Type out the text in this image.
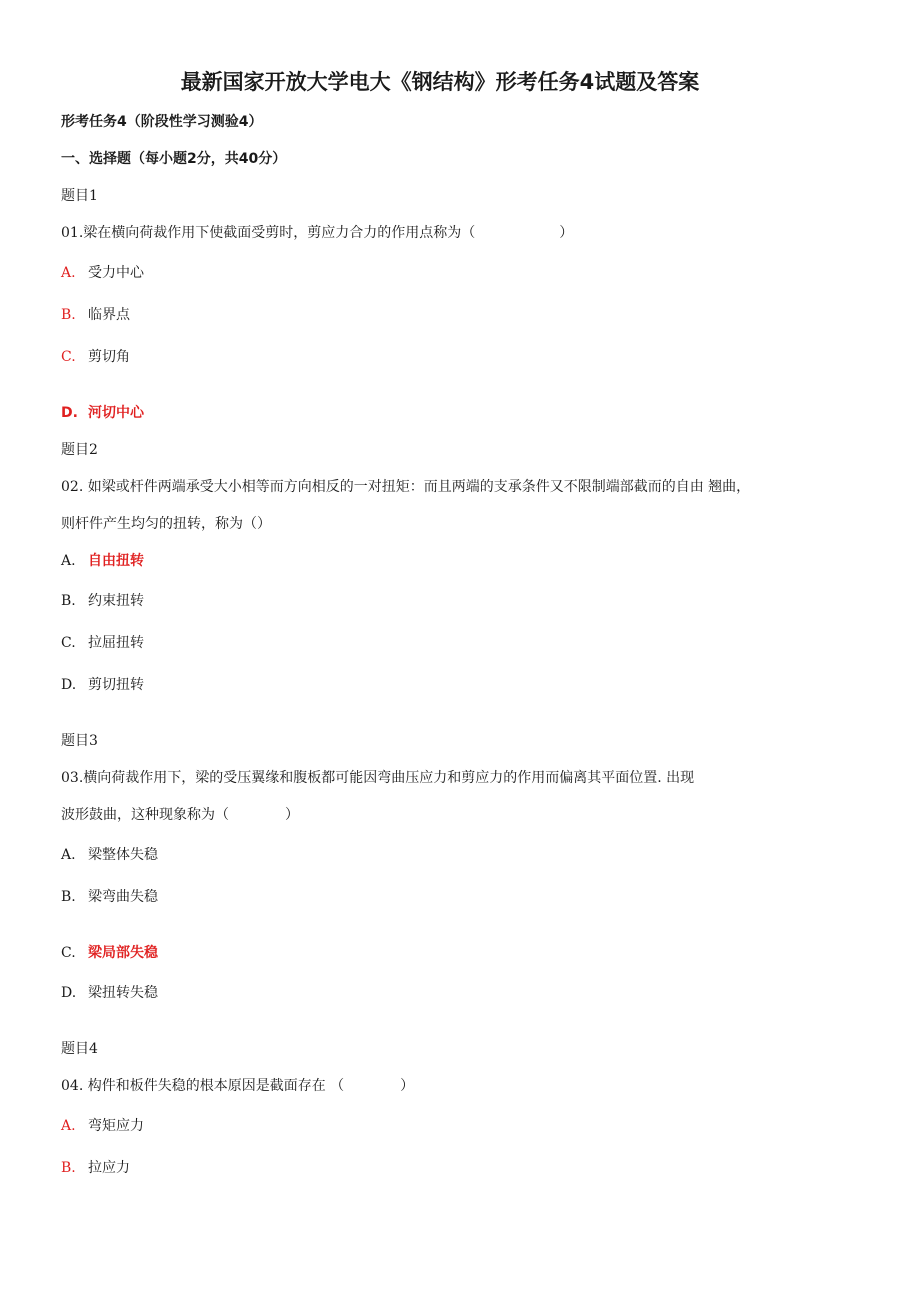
最新国家开放大学电大《钢结构》形考任务4试题及答案
形考任务4（阶段性学习测验4）
一、选择题（每小题2分，共40分）
题目1
01.梁在横向荷裁作用下使截面受剪时，剪应力合力的作用点称为（　　　　　　）
A. 受力中心
B. 临界点
C. 剪切角
D. 河切中心
题目2
02. 如梁或杆件两端承受大小相等而方向相反的一对扭矩：而且两端的支承条件又不限制端部截而的自由 翘曲，
则杆件产生均匀的扭转，称为（）
A. 自由扭转
B. 约束扭转
C. 拉屈扭转
D. 剪切扭转
题目3
03.横向荷裁作用下，梁的受压翼缘和腹板都可能因弯曲压应力和剪应力的作用而偏离其平面位置. 出现
波形鼓曲，这种现象称为（　　　　）
A. 梁整体失稳
B. 梁弯曲失稳
C. 梁局部失稳
D. 梁扭转失稳
题目4
04. 构件和板件失稳的根本原因是截面存在 （　　　　）
A. 弯矩应力
B. 拉应力
